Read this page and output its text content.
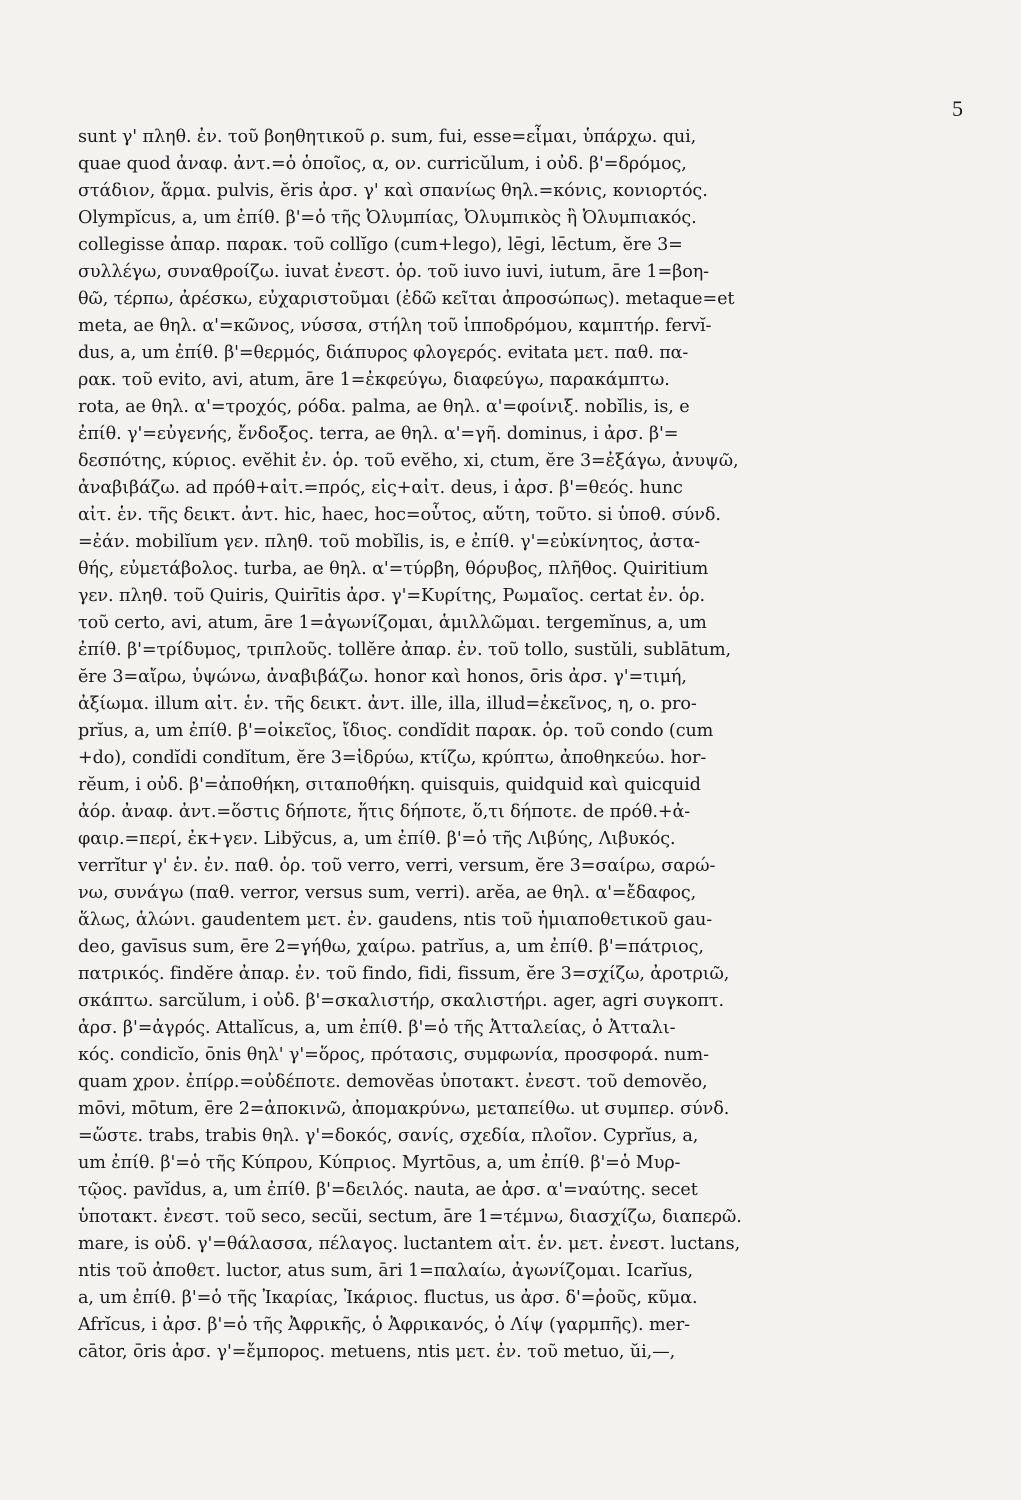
5
sunt γ' πληθ. ἐν. τοῦ βοηθητικοῦ ρ. sum, fui, esse=εἶμαι, ὑπάρχω. qui,
quae quod ἀναφ. ἀντ.=ὁ ὁποῖος, α, ον. curricŭlum, i οὐδ. β'=δρόμος,
στάδιον, ἅρμα. pulvis, ĕris ἀρσ. γ' καὶ σπανίως θηλ.=κόνις, κονιορτός.
Olympĭcus, a, um ἐπίθ. β'=ὁ τῆς Ὀλυμπίας, Ὀλυμπικὸς ἢ Ὀλυμπιακός.
collegisse ἀπαρ. παρακ. τοῦ collĭgo (cum+lego), lēgi, lēctum, ĕre 3=
συλλέγω, συναθροίζω. iuvat ἐνεστ. ὁρ. τοῦ iuvo iuvi, iutum, āre 1=βοη-
θῶ, τέρπω, ἀρέσκω, εὐχαριστοῦμαι (ἐδῶ κεῖται ἀπροσώπως). metaque=et
meta, ae θηλ. α'=κῶνος, νύσσα, στήλη τοῦ ἱπποδρόμου, καμπτήρ. fervĭ-
dus, a, um ἐπίθ. β'=θερμός, διάπυρος φλογερός. evitata μετ. παθ. πα-
ρακ. τοῦ evito, avi, atum, āre 1=ἐκφεύγω, διαφεύγω, παρακάμπτω.
rota, ae θηλ. α'=τροχός, ρόδα. palma, ae θηλ. α'=φοίνιξ. nobĭlis, is, e
ἐπίθ. γ'=εὐγενής, ἔνδοξος. terra, ae θηλ. α'=γῆ. dominus, i ἀρσ. β'=
δεσπότης, κύριος. evĕhit ἐν. ὁρ. τοῦ evĕho, xi, ctum, ĕre 3=ἐξάγω, ἀνυψῶ,
ἀναβιβάζω. ad πρόθ+αἰτ.=πρός, εἰς+αἰτ. deus, i ἀρσ. β'=θεός. hunc
αἰτ. ἑν. τῆς δεικτ. ἀντ. hic, haec, hoc=οὗτος, αὕτη, τοῦτο. si ὑποθ. σύνδ.
=ἐάν. mobilĭum γεν. πληθ. τοῦ mobĭlis, is, e ἐπίθ. γ'=εὐκίνητος, ἀστα-
θής, εὐμετάβολος. turba, ae θηλ. α'=τύρβη, θόρυβος, πλῆθος. Quiritium
γεν. πληθ. τοῦ Quiris, Quirītis ἀρσ. γ'=Κυρίτης, Ρωμαῖος. certat ἐν. ὁρ.
τοῦ certo, avi, atum, āre 1=ἀγωνίζομαι, ἁμιλλῶμαι. tergemĭnus, a, um
ἐπίθ. β'=τρίδυμος, τριπλοῦς. tollĕre ἀπαρ. ἐν. τοῦ tollo, sustŭli, sublātum,
ĕre 3=αἴρω, ὑψώνω, ἀναβιβάζω. honor καὶ honos, ōris ἀρσ. γ'=τιμή,
ἀξίωμα. illum αἰτ. ἑν. τῆς δεικτ. ἀντ. ille, illa, illud=ἐκεῖνος, η, ο. pro-
prĭus, a, um ἐπίθ. β'=οἰκεῖος, ἴδιος. condĭdit παρακ. ὁρ. τοῦ condo (cum
+do), condĭdi condĭtum, ĕre 3=ἱδρύω, κτίζω, κρύπτω, ἀποθηκεύω. hor-
rĕum, i οὐδ. β'=ἀποθήκη, σιταποθήκη. quisquis, quidquid καὶ quicquid
ἀόρ. ἀναφ. ἀντ.=ὅστις δήποτε, ἥτις δήποτε, ὅ,τι δήποτε. de πρόθ.+ἀ-
φαιρ.=περί, ἐκ+γεν. Libўcus, a, um ἐπίθ. β'=ὁ τῆς Λιβύης, Λιβυκός.
verrĭtur γ' ἑν. ἐν. παθ. ὁρ. τοῦ verro, verri, versum, ĕre 3=σαίρω, σαρώ-
νω, συνάγω (παθ. verror, versus sum, verri). arĕa, ae θηλ. α'=ἔδαφος,
ἅλως, ἁλώνι. gaudentem μετ. ἐν. gaudens, ntis τοῦ ἡμιαποθετικοῦ gau-
deo, gavīsus sum, ēre 2=γήθω, χαίρω. patrĭus, a, um ἐπίθ. β'=πάτριος,
πατρικός. findĕre ἀπαρ. ἐν. τοῦ findo, fidi, fissum, ĕre 3=σχίζω, ἀροτριῶ,
σκάπτω. sarcŭlum, i οὐδ. β'=σκαλιστήρ, σκαλιστήρι. ager, agri συγκοπτ.
ἀρσ. β'=ἀγρός. Attalĭcus, a, um ἐπίθ. β'=ὁ τῆς Ἀτταλείας, ὁ Ἀτταλι-
κός. condicĭo, ōnis θηλ' γ'=ὅρος, πρότασις, συμφωνία, προσφορά. num-
quam χρον. ἐπίρρ.=οὐδέποτε. demovĕas ὑποτακτ. ἐνεστ. τοῦ demovĕo,
mōvi, mōtum, ēre 2=ἀποκινῶ, ἀπομακρύνω, μεταπείθω. ut συμπερ. σύνδ.
=ὥστε. trabs, trabis θηλ. γ'=δοκός, σανίς, σχεδία, πλοῖον. Cyprĭus, a,
um ἐπίθ. β'=ὁ τῆς Κύπρου, Κύπριος. Myrtōus, a, um ἐπίθ. β'=ὁ Μυρ-
τῷος. pavĭdus, a, um ἐπίθ. β'=δειλός. nauta, ae ἀρσ. α'=ναύτης. secet
ὑποτακτ. ἐνεστ. τοῦ seco, secŭi, sectum, āre 1=τέμνω, διασχίζω, διαπερῶ.
mare, is οὐδ. γ'=θάλασσα, πέλαγος. luctantem αἰτ. ἑν. μετ. ἐνεστ. luctans,
ntis τοῦ ἀποθετ. luctor, atus sum, āri 1=παλαίω, ἀγωνίζομαι. Icarĭus,
a, um ἐπίθ. β'=ὁ τῆς Ἰκαρίας, Ἰκάριος. fluctus, us ἀρσ. δ'=ῥοῦς, κῦμα.
Afrĭcus, i ἀρσ. β'=ὁ τῆς Ἀφρικῆς, ὁ Ἀφρικανός, ὁ Λίψ (γαρμπῆς). mer-
cātor, ōris ἀρσ. γ'=ἔμπορος. metuens, ntis μετ. ἐν. τοῦ metuo, ŭi,—,
